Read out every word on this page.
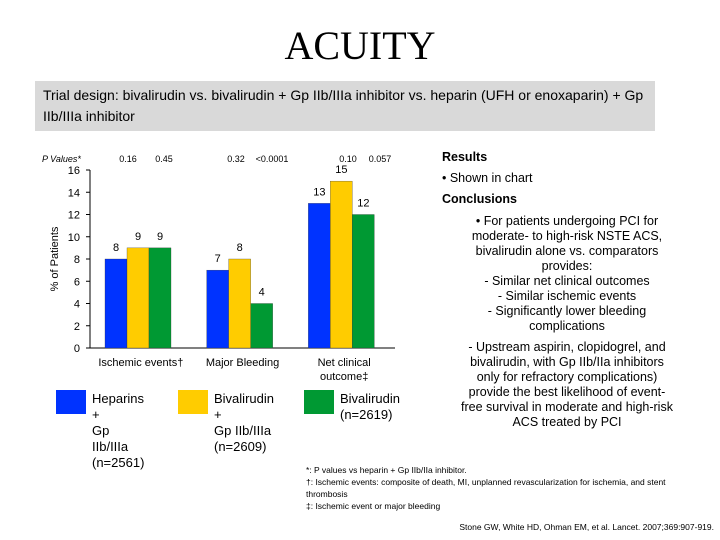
ACUITY
Trial design: bivalirudin vs. bivalirudin + Gp IIb/IIIa inhibitor vs. heparin (UFH or enoxaparin) + Gp IIb/IIIa inhibitor
0
2
4
6
8
10
12
14
16
% of Patients	8
9 9
Ischemic events†
7
8
4
Major Bleeding
13
15
12
Net clinical
outcome‡
P Values*	0.16 0.45	0.32 <0.0001	0.10 0.057
Heparins +
Gp IIb/IIIa
(n=2561)
Bivalirudin +
Gp IIb/IIIa
(n=2609)
Bivalirudin
(n=2619)
Results
• Shown in chart
Conclusions
• For patients undergoing PCI for
moderate- to high-risk NSTE ACS,
bivalirudin alone vs. comparators
provides:
- Similar net clinical outcomes
- Similar ischemic events
- Significantly lower bleeding
complications
- Upstream aspirin, clopidogrel, and
bivalirudin, with Gp IIb/IIa inhibitors
only for refractory complications)
provide the best likelihood of event-
free survival in moderate and high-risk
ACS treated by PCI
*: P values vs heparin + Gp IIb/IIa inhibitor.
†: Ischemic events: composite of death, MI, unplanned revascularization for ischemia, and stent thrombosis
‡: Ischemic event or major bleeding
Stone GW, White HD, Ohman EM, et al. Lancet. 2007;369:907-919.
